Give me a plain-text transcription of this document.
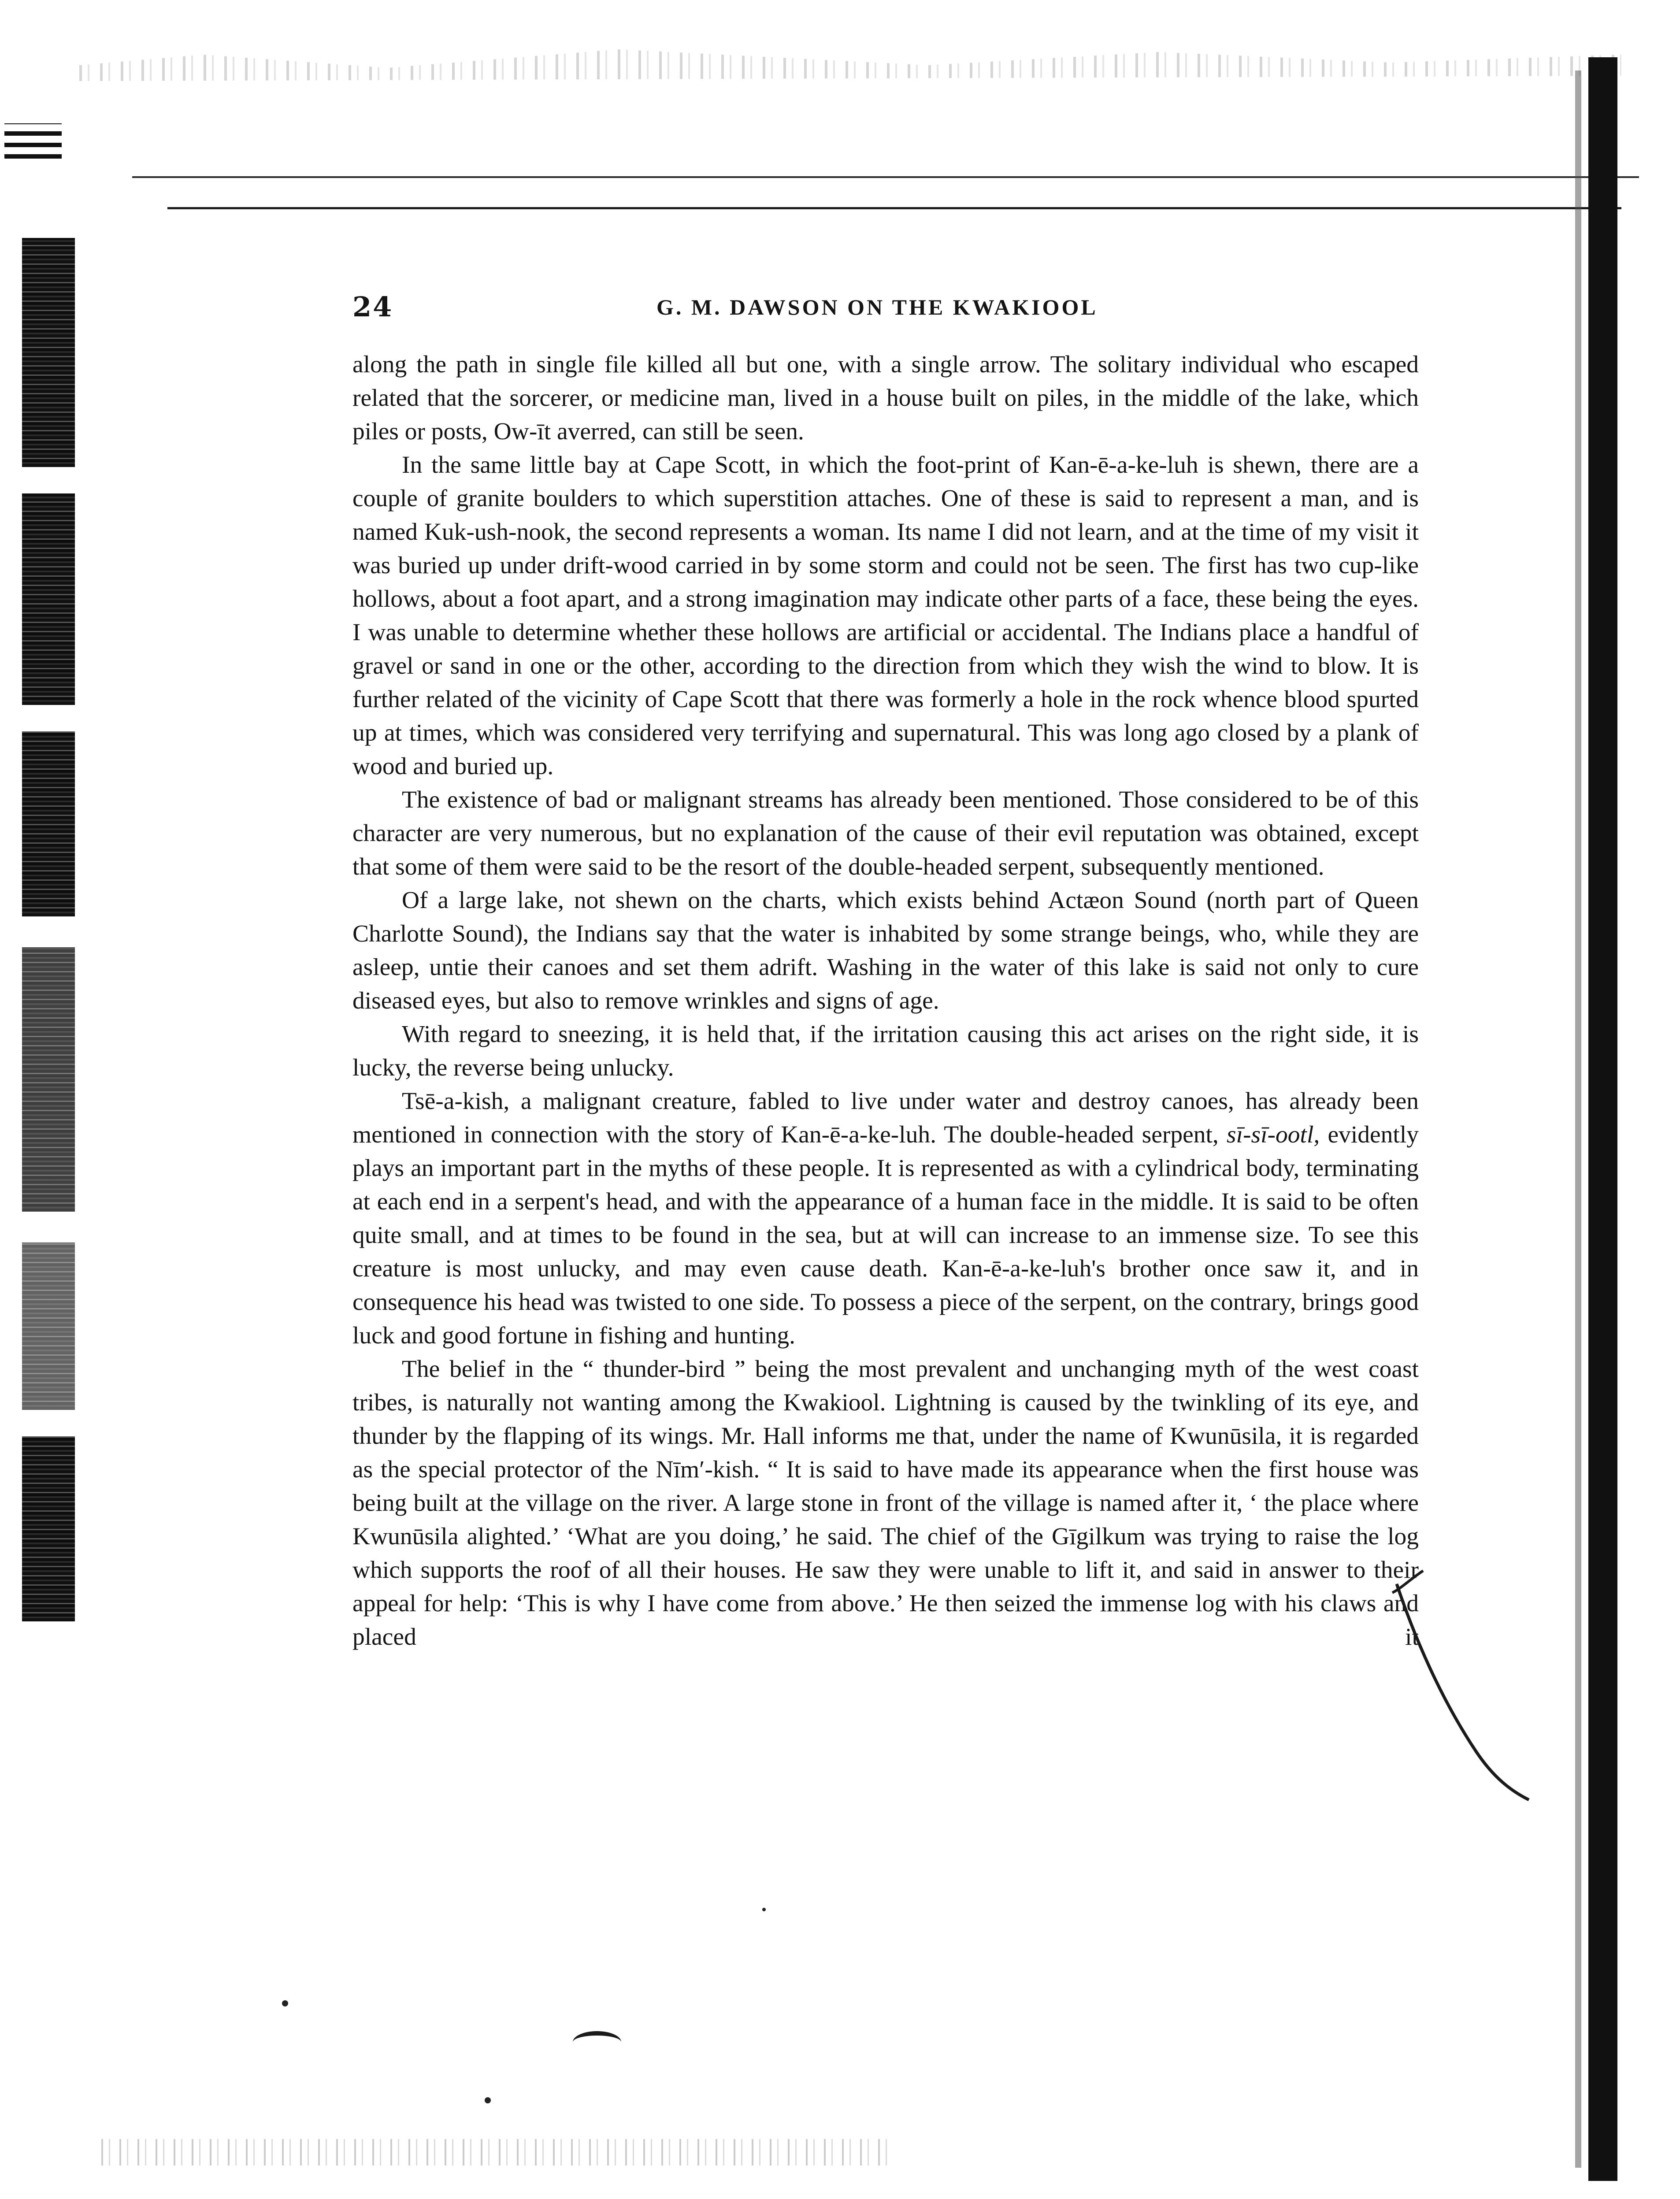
24	G. M. DAWSON ON THE KWAKIOOL

along the path in single file killed all but one, with a single arrow. The solitary individual who escaped related that the sorcerer, or medicine man, lived in a house built on piles, in the middle of the lake, which piles or posts, Ow-īt averred, can still be seen.

In the same little bay at Cape Scott, in which the foot-print of Kan-ē-a-ke-luh is shewn, there are a couple of granite boulders to which superstition attaches. One of these is said to represent a man, and is named Kuk-ush-nook, the second represents a woman. Its name I did not learn, and at the time of my visit it was buried up under drift-wood carried in by some storm and could not be seen. The first has two cup-like hollows, about a foot apart, and a strong imagination may indicate other parts of a face, these being the eyes. I was unable to determine whether these hollows are artificial or accidental. The Indians place a handful of gravel or sand in one or the other, according to the direction from which they wish the wind to blow. It is further related of the vicinity of Cape Scott that there was formerly a hole in the rock whence blood spurted up at times, which was considered very terrifying and supernatural. This was long ago closed by a plank of wood and buried up.

The existence of bad or malignant streams has already been mentioned. Those considered to be of this character are very numerous, but no explanation of the cause of their evil reputation was obtained, except that some of them were said to be the resort of the double-headed serpent, subsequently mentioned.

Of a large lake, not shewn on the charts, which exists behind Actæon Sound (north part of Queen Charlotte Sound), the Indians say that the water is inhabited by some strange beings, who, while they are asleep, untie their canoes and set them adrift. Washing in the water of this lake is said not only to cure diseased eyes, but also to remove wrinkles and signs of age.

With regard to sneezing, it is held that, if the irritation causing this act arises on the right side, it is lucky, the reverse being unlucky.

Tsē-a-kish, a malignant creature, fabled to live under water and destroy canoes, has already been mentioned in connection with the story of Kan-ē-a-ke-luh. The double-headed serpent, sī-sī-ootl, evidently plays an important part in the myths of these people. It is represented as with a cylindrical body, terminating at each end in a serpent's head, and with the appearance of a human face in the middle. It is said to be often quite small, and at times to be found in the sea, but at will can increase to an immense size. To see this creature is most unlucky, and may even cause death. Kan-ē-a-ke-luh's brother once saw it, and in consequence his head was twisted to one side. To possess a piece of the serpent, on the contrary, brings good luck and good fortune in fishing and hunting.

The belief in the “ thunder-bird ” being the most prevalent and unchanging myth of the west coast tribes, is naturally not wanting among the Kwakiool. Lightning is caused by the twinkling of its eye, and thunder by the flapping of its wings. Mr. Hall informs me that, under the name of Kwunūsila, it is regarded as the special protector of the Nīm′-kish. “ It is said to have made its appearance when the first house was being built at the village on the river. A large stone in front of the village is named after it, ‘ the place where Kwunūsila alighted.’ ‘What are you doing,’ he said. The chief of the Gīgilkum was trying to raise the log which supports the roof of all their houses. He saw they were unable to lift it, and said in answer to their appeal for help: ‘This is why I have come from above.’ He then seized the immense log with his claws and placed it
